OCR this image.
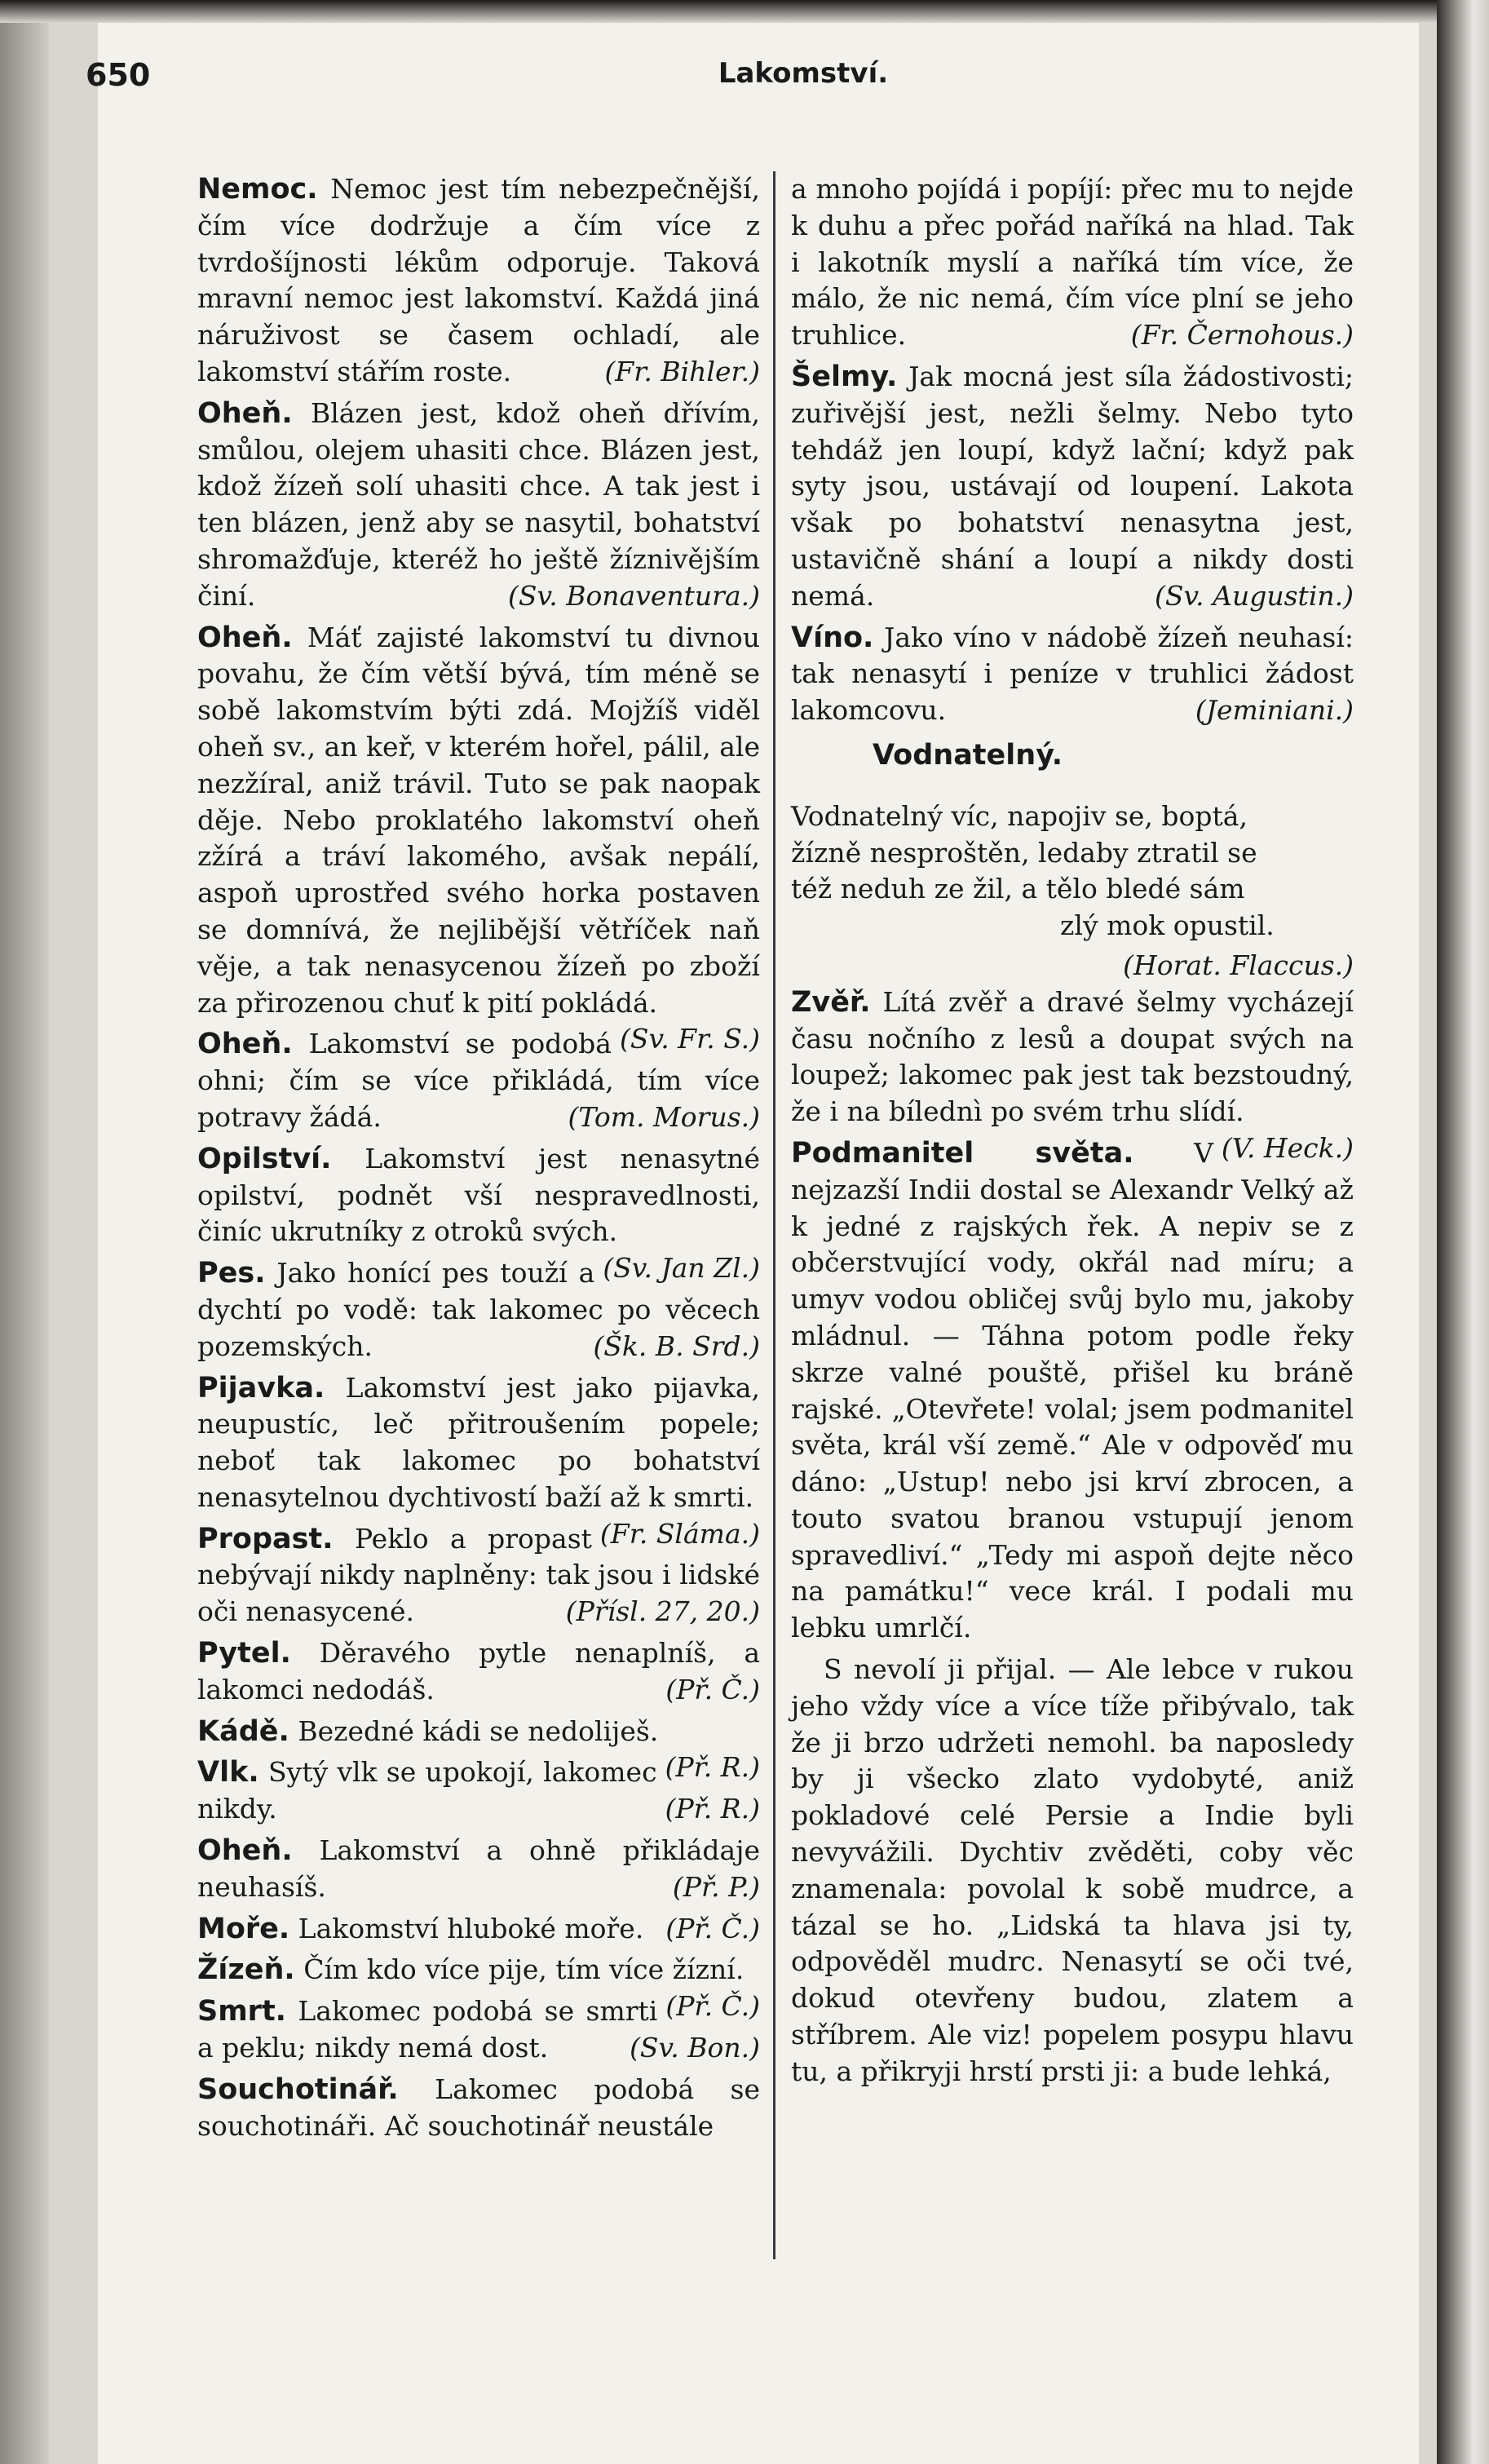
650	Lakomství.

Nemoc. Nemoc jest tím nebezpečnější, čím více dodržuje a čím více z tvrdošíjnosti lékům odporuje. Taková mravní nemoc jest lakomství. Každá jiná náruživost se časem ochladí, ale lakomství stářím roste.	(Fr. Bihler.)

Oheň. Blázen jest, kdož oheň dřívím, smůlou, olejem uhasiti chce. Blázen jest, kdož žízeň solí uhasiti chce. A tak jest i ten blázen, jenž aby se nasytil, bohatství shromažďuje, kteréž ho ještě žíznivějším činí.	(Sv. Bonaventura.)

Oheň. Máť zajisté lakomství tu divnou povahu, že čím větší bývá, tím méně se sobě lakomstvím býti zdá. Mojžíš viděl oheň sv., an keř, v kterém hořel, pálil, ale nezžíral, aniž trávil. Tuto se pak naopak děje. Nebo proklatého lakomství oheň zžírá a tráví lakomého, avšak nepálí, aspoň uprostřed svého horka postaven se domnívá, že nejlibější větříček naň věje, a tak nenasycenou žízeň po zboží za přirozenou chuť k pití pokládá.
(Sv. Fr. S.)

Oheň. Lakomství se podobá ohni; čím se více přikládá, tím více potravy žádá.	(Tom. Morus.)

Opilství. Lakomství jest nenasytné opilství, podnět vší nespravedlnosti, činíc ukrutníky z otroků svých.
(Sv. Jan Zl.)

Pes. Jako honící pes touží a dychtí po vodě: tak lakomec po věcech pozemských.	(Šk. B. Srd.)

Pijavka. Lakomství jest jako pijavka, neupustíc, leč přitroušením popele; neboť tak lakomec po bohatství nenasytelnou dychtivostí baží až k smrti.
(Fr. Sláma.)

Propast. Peklo a propast nebývají nikdy naplněny: tak jsou i lidské oči nenasycené.	(Přísl. 27, 20.)

Pytel. Děravého pytle nenaplníš, a lakomci nedodáš.	(Př. Č.)

Kádě. Bezedné kádi se nedoliješ.
(Př. R.)

Vlk. Sytý vlk se upokojí, lakomec nikdy.	(Př. R.)

Oheň. Lakomství a ohně přikládaje neuhasíš.	(Př. P.)

Moře. Lakomství hluboké moře. (Př. Č.)

Žízeň. Čím kdo více pije, tím více žízní.
(Př. Č.)

Smrt. Lakomec podobá se smrti a peklu; nikdy nemá dost.	(Sv. Bon.)

Souchotinář. Lakomec podobá se souchotináři. Ač souchotinář neustále

a mnoho pojídá i popíjí: přec mu to nejde k duhu a přec pořád naříká na hlad. Tak i lakotník myslí a naříká tím více, že málo, že nic nemá, čím více plní se jeho truhlice.	(Fr. Černohous.)

Šelmy. Jak mocná jest síla žádostivosti; zuřivější jest, nežli šelmy. Nebo tyto tehdáž jen loupí, když lační; když pak syty jsou, ustávají od loupení. Lakota však po bohatství nenasytna jest, ustavičně shání a loupí a nikdy dosti nemá.	(Sv. Augustin.)

Víno. Jako víno v nádobě žízeň neuhasí: tak nenasytí i peníze v truhlici žádost lakomcovu.	(Jeminiani.)

Vodnatelný.
Vodnatelný víc, napojiv se, boptá,
žízně nesproštěn, ledaby ztratil se
též neduh ze žil, a tělo bledé sám
zlý mok opustil.
(Horat. Flaccus.)

Zvěř. Lítá zvěř a dravé šelmy vycházejí času nočního z lesů a doupat svých na loupež; lakomec pak jest tak bezstoudný, že i na bílednì po svém trhu slídí.
(V. Heck.)

Podmanitel světa. V nejzazší Indii dostal se Alexandr Velký až k jedné z rajských řek. A nepiv se z občerstvující vody, okřál nad míru; a umyv vodou obličej svůj bylo mu, jakoby mládnul. — Táhna potom podle řeky skrze valné pouště, přišel ku bráně rajské. „Otevřete! volal; jsem podmanitel světa, král vší země.“ Ale v odpověď mu dáno: „Ustup! nebo jsi krví zbrocen, a touto svatou branou vstupují jenom spravedliví.“ „Tedy mi aspoň dejte něco na památku!“ vece král. I podali mu lebku umrlčí.

S nevolí ji přijal. — Ale lebce v rukou jeho vždy více a více tíže přibývalo, tak že ji brzo udržeti nemohl. ba naposledy by ji všecko zlato vydobyté, aniž pokladové celé Persie a Indie byli nevyvážili. Dychtiv zvěděti, coby věc znamenala: povolal k sobě mudrce, a tázal se ho. „Lidská ta hlava jsi ty, odpověděl mudrc. Nenasytí se oči tvé, dokud otevřeny budou, zlatem a stříbrem. Ale viz! popelem posypu hlavu tu, a přikryji hrstí prsti ji: a bude lehká,
